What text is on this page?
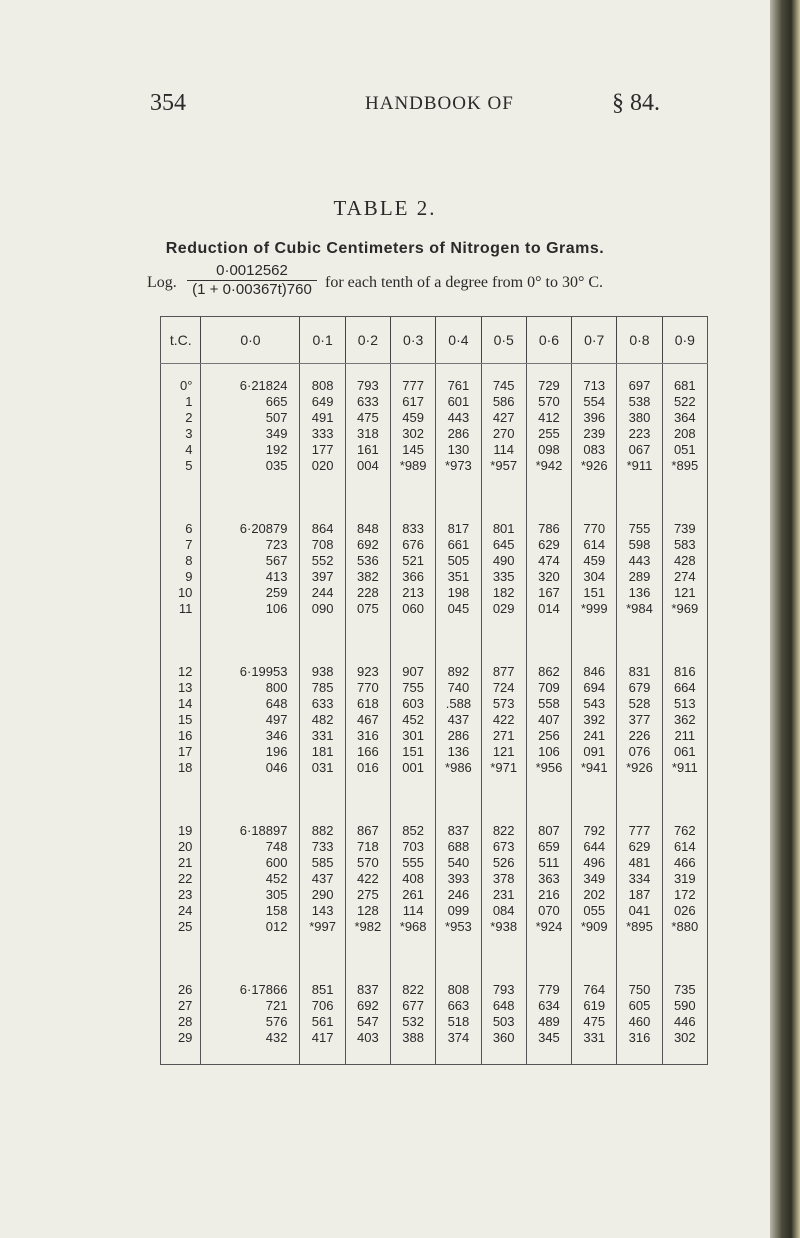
354	HANDBOOK OF	§ 84.
TABLE 2.
Reduction of Cubic Centimeters of Nitrogen to Grams.
Log. $\frac{0\cdot 0012562}{(1 + 0\cdot 00367t)760}$ for each tenth of a degree from 0° to 30° C.
t.C.	0·0	0·1	0·2	0·3	0·4	0·5	0·6	0·7	0·8	0·9

0°	6·21824	808	793	777	761	745	729	713	697	681
1	665	649	633	617	601	586	570	554	538	522
2	507	491	475	459	443	427	412	396	380	364
3	349	333	318	302	286	270	255	239	223	208
4	192	177	161	145	130	114	098	083	067	051
5	035	020	004	*989	*973	*957	*942	*926	*911	*895

6	6·20879	864	848	833	817	801	786	770	755	739
7	723	708	692	676	661	645	629	614	598	583
8	567	552	536	521	505	490	474	459	443	428
9	413	397	382	366	351	335	320	304	289	274
10	259	244	228	213	198	182	167	151	136	121
11	106	090	075	060	045	029	014	*999	*984	*969

12	6·19953	938	923	907	892	877	862	846	831	816
13	800	785	770	755	740	724	709	694	679	664
14	648	633	618	603	.588	573	558	543	528	513
15	497	482	467	452	437	422	407	392	377	362
16	346	331	316	301	286	271	256	241	226	211
17	196	181	166	151	136	121	106	091	076	061
18	046	031	016	001	*986	*971	*956	*941	*926	*911

19	6·18897	882	867	852	837	822	807	792	777	762
20	748	733	718	703	688	673	659	644	629	614
21	600	585	570	555	540	526	511	496	481	466
22	452	437	422	408	393	378	363	349	334	319
23	305	290	275	261	246	231	216	202	187	172
24	158	143	128	114	099	084	070	055	041	026
25	012	*997	*982	*968	*953	*938	*924	*909	*895	*880

26	6·17866	851	837	822	808	793	779	764	750	735
27	721	706	692	677	663	648	634	619	605	590
28	576	561	547	532	518	503	489	475	460	446
29	432	417	403	388	374	360	345	331	316	302
